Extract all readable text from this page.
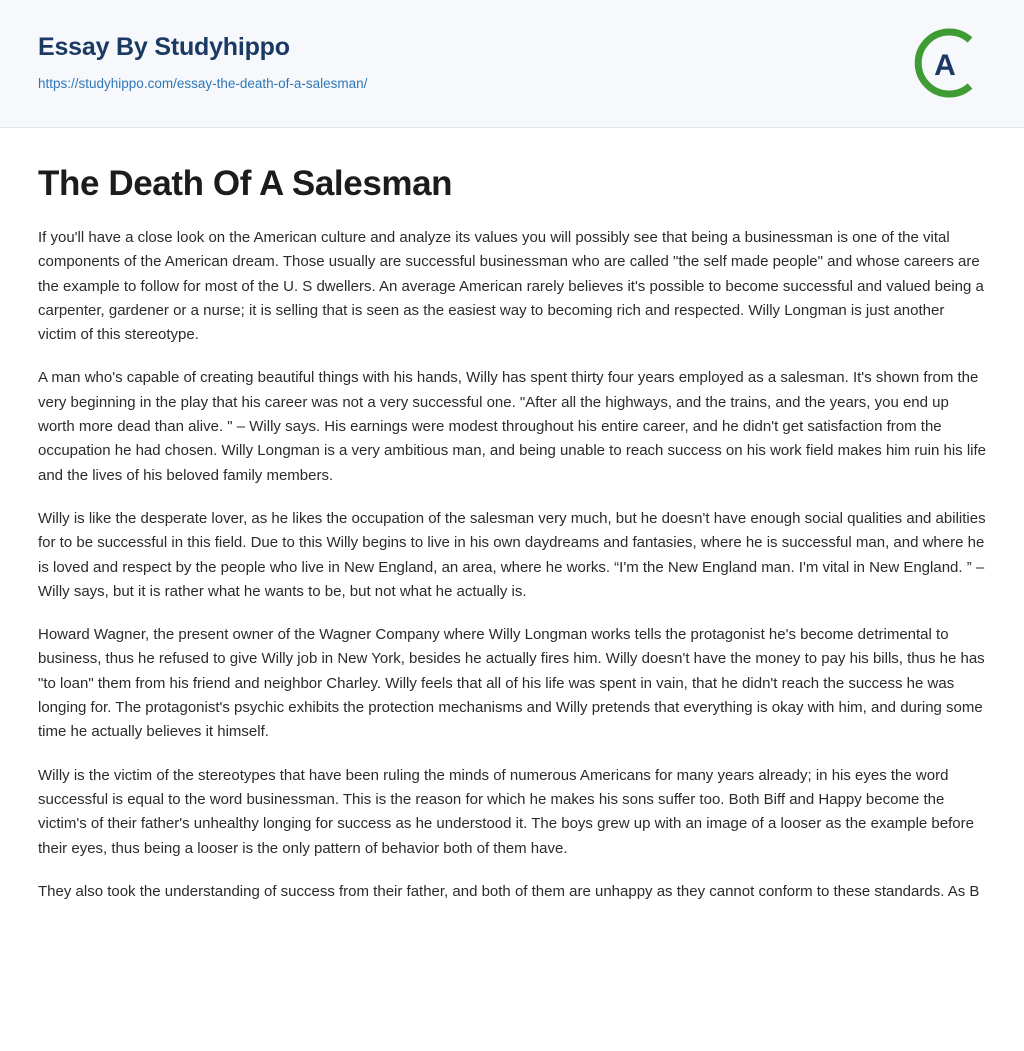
Essay By Studyhippo
https://studyhippo.com/essay-the-death-of-a-salesman/
A
The Death Of A Salesman

If you'll have a close look on the American culture and analyze its values you will possibly see that being a businessman is one of the vital components of the American dream. Those usually are successful businessman who are called "the self made people" and whose careers are the example to follow for most of the U. S dwellers. An average American rarely believes it's possible to become successful and valued being a carpenter, gardener or a nurse; it is selling that is seen as the easiest way to becoming rich and respected. Willy Longman is just another victim of this stereotype.

A man who's capable of creating beautiful things with his hands, Willy has spent thirty four years employed as a salesman. It's shown from the very beginning in the play that his career was not a very successful one. "After all the highways, and the trains, and the years, you end up worth more dead than alive. " – Willy says. His earnings were modest throughout his entire career, and he didn't get satisfaction from the occupation he had chosen. Willy Longman is a very ambitious man, and being unable to reach success on his work field makes him ruin his life and the lives of his beloved family members.

Willy is like the desperate lover, as he likes the occupation of the salesman very much, but he doesn't have enough social qualities and abilities for to be successful in this field. Due to this Willy begins to live in his own daydreams and fantasies, where he is successful man, and where he is loved and respect by the people who live in New England, an area, where he works. “I'm the New England man. I'm vital in New England. ” – Willy says, but it is rather what he wants to be, but not what he actually is.

Howard Wagner, the present owner of the Wagner Company where Willy Longman works tells the protagonist he's become detrimental to business, thus he refused to give Willy job in New York, besides he actually fires him. Willy doesn't have the money to pay his bills, thus he has "to loan" them from his friend and neighbor Charley. Willy feels that all of his life was spent in vain, that he didn't reach the success he was longing for. The protagonist's psychic exhibits the protection mechanisms and Willy pretends that everything is okay with him, and during some time he actually believes it himself.

Willy is the victim of the stereotypes that have been ruling the minds of numerous Americans for many years already; in his eyes the word successful is equal to the word businessman. This is the reason for which he makes his sons suffer too. Both Biff and Happy become the victim's of their father's unhealthy longing for success as he understood it. The boys grew up with an image of a looser as the example before their eyes, thus being a looser is the only pattern of behavior both of them have.

They also took the understanding of success from their father, and both of them are unhappy as they cannot conform to these standards. As B
